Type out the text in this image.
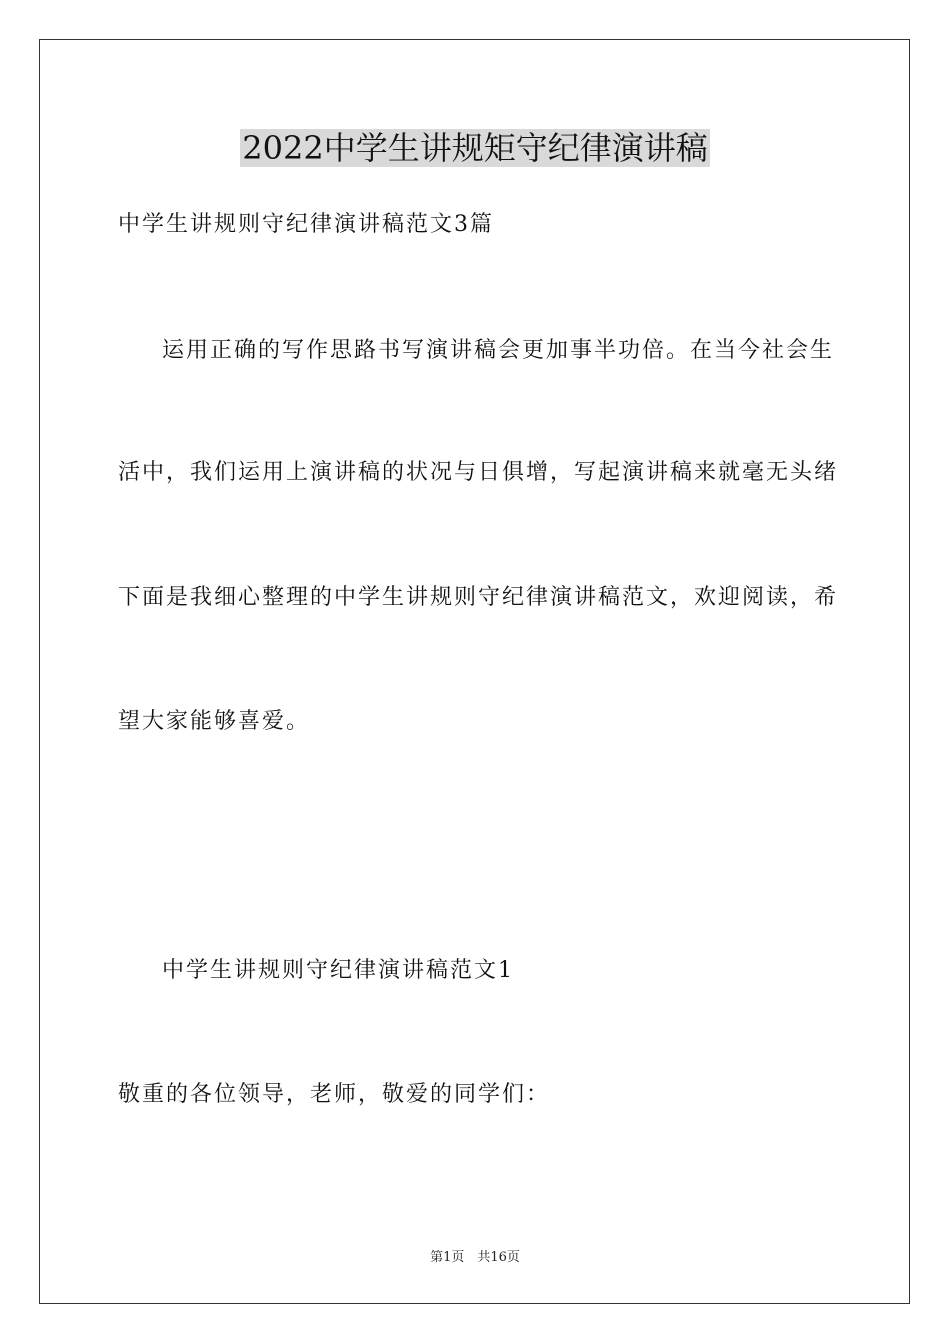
2022中学生讲规矩守纪律演讲稿
中学生讲规则守纪律演讲稿范文3篇
运用正确的写作思路书写演讲稿会更加事半功倍。在当今社会生
活中，我们运用上演讲稿的状况与日俱增，写起演讲稿来就毫无头绪
下面是我细心整理的中学生讲规则守纪律演讲稿范文，欢迎阅读，希
望大家能够喜爱。
中学生讲规则守纪律演讲稿范文1
敬重的各位领导，老师，敬爱的同学们：
第1页　共16页
